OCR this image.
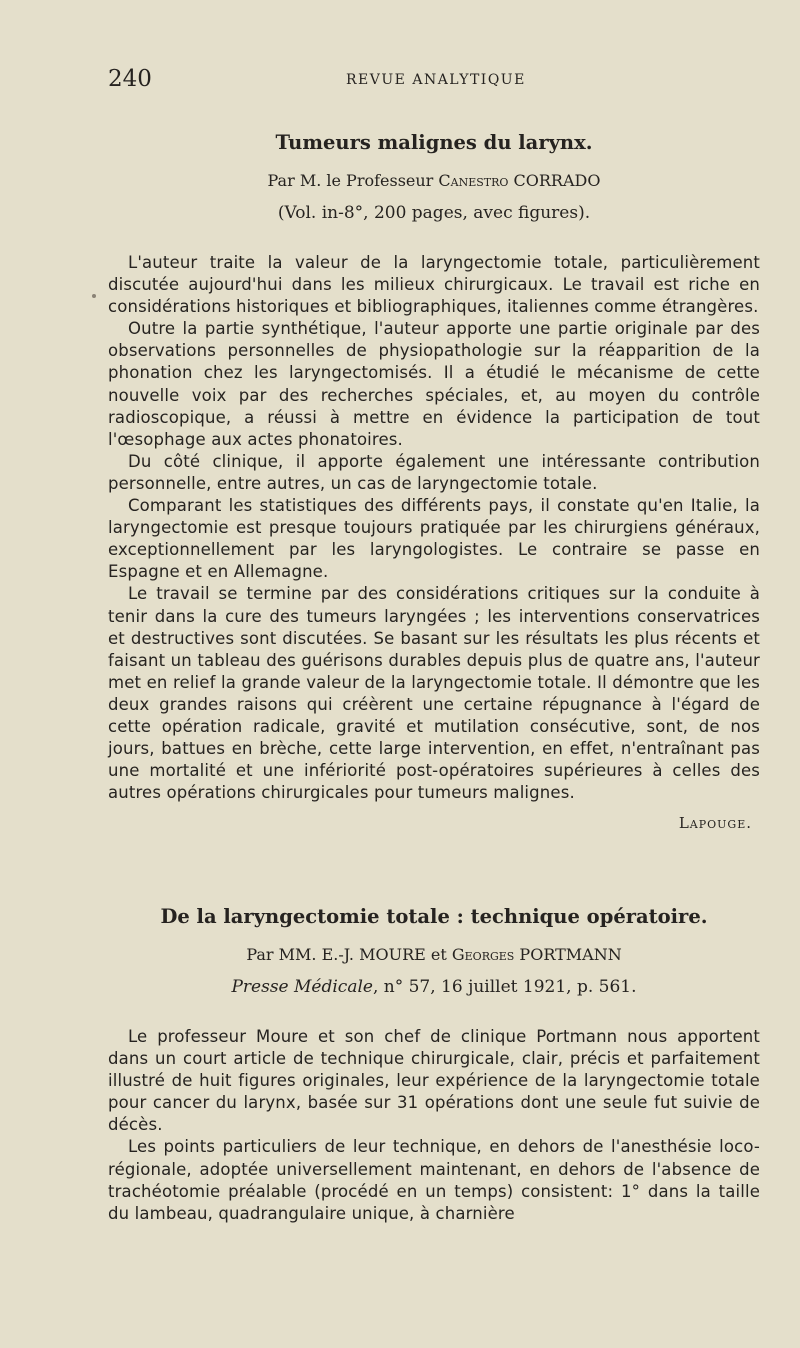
240	REVUE ANALYTIQUE
Tumeurs malignes du larynx.
Par M. le Professeur Canestro CORRADO
(Vol. in-8°, 200 pages, avec figures).

L'auteur traite la valeur de la laryngectomie totale, particulièrement discutée aujourd'hui dans les milieux chirurgicaux. Le travail est riche en considérations historiques et bibliographiques, italiennes comme étrangères.

Outre la partie synthétique, l'auteur apporte une partie originale par des observations personnelles de physiopathologie sur la réapparition de la phonation chez les laryngectomisés. Il a étudié le mécanisme de cette nouvelle voix par des recherches spéciales, et, au moyen du contrôle radioscopique, a réussi à mettre en évidence la participation de tout l'œsophage aux actes phonatoires.

Du côté clinique, il apporte également une intéressante contribution personnelle, entre autres, un cas de laryngectomie totale.

Comparant les statistiques des différents pays, il constate qu'en Italie, la laryngectomie est presque toujours pratiquée par les chirurgiens généraux, exceptionnellement par les laryngologistes. Le contraire se passe en Espagne et en Allemagne.

Le travail se termine par des considérations critiques sur la conduite à tenir dans la cure des tumeurs laryngées ; les interventions conservatrices et destructives sont discutées. Se basant sur les résultats les plus récents et faisant un tableau des guérisons durables depuis plus de quatre ans, l'auteur met en relief la grande valeur de la laryngectomie totale. Il démontre que les deux grandes raisons qui créèrent une certaine répugnance à l'égard de cette opération radicale, gravité et mutilation consécutive, sont, de nos jours, battues en brèche, cette large intervention, en effet, n'entraînant pas une mortalité et une infériorité post-opératoires supérieures à celles des autres opérations chirurgicales pour tumeurs malignes.

Lapouge.
De la laryngectomie totale : technique opératoire.
Par MM. E.-J. MOURE et Georges PORTMANN
Presse Médicale, n° 57, 16 juillet 1921, p. 561.

Le professeur Moure et son chef de clinique Portmann nous apportent dans un court article de technique chirurgicale, clair, précis et parfaitement illustré de huit figures originales, leur expérience de la laryngectomie totale pour cancer du larynx, basée sur 31 opérations dont une seule fut suivie de décès.

Les points particuliers de leur technique, en dehors de l'anesthésie loco-régionale, adoptée universellement maintenant, en dehors de l'absence de trachéotomie préalable (procédé en un temps) consistent: 1° dans la taille du lambeau, quadrangulaire unique, à charnière
